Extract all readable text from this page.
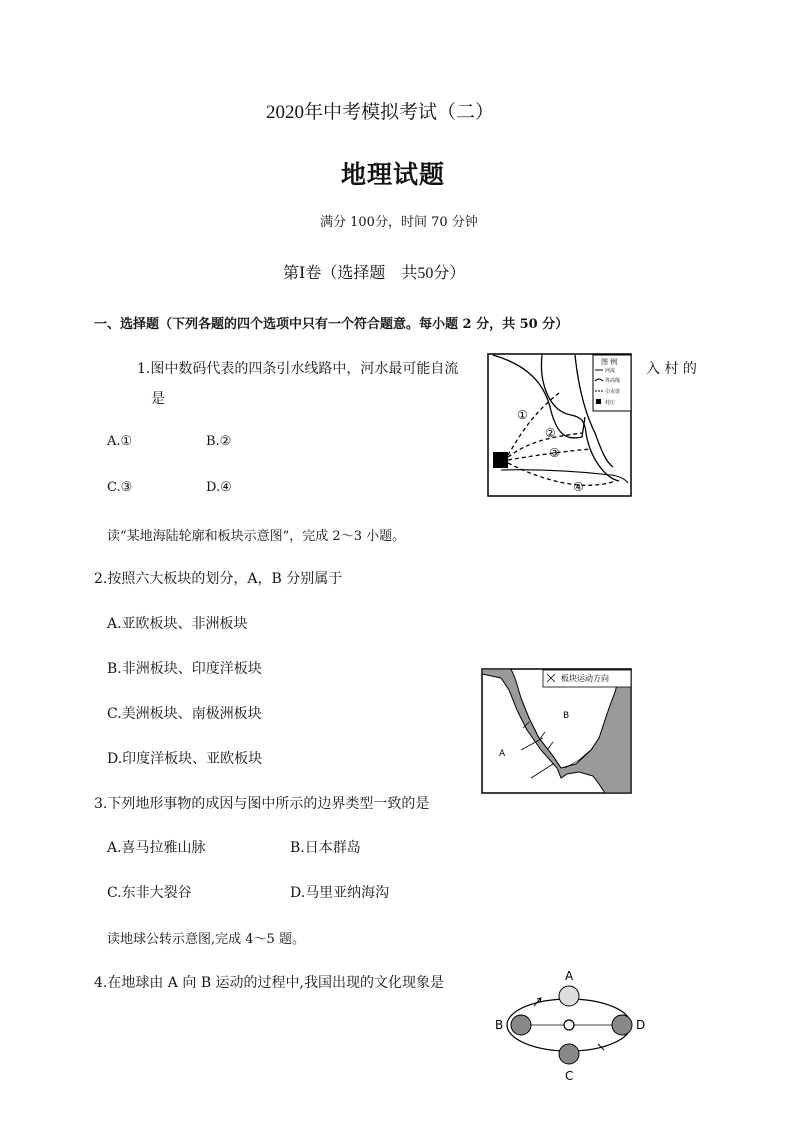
2020年中考模拟考试（二）
地理试题
满分 100分，时间 70 分钟
第Ⅰ卷（选择题　共50分）
一、选择题（下列各题的四个选项中只有一个符合题意。每小题 2 分，共 50 分）
1.图中数码代表的四条引水线路中，河水最可能自流	入 村 的
是
A.①	B.②
C.③	D.④
①
②
③
④
图 例
河流
等高线
引水渠
村庄
读“某地海陆轮廓和板块示意图”，完成 2～3 小题。
2.按照六大板块的划分，A，B 分别属于
A.亚欧板块、非洲板块
B.非洲板块、印度洋板块
C.美洲板块、南极洲板块
D.印度洋板块、亚欧板块	A
B
板块运动方向
3.下列地形事物的成因与图中所示的边界类型一致的是
A.喜马拉雅山脉	B.日本群岛
C.东非大裂谷	D.马里亚纳海沟
读地球公转示意图,完成 4～5 题。
4.在地球由 A 向 B 运动的过程中,我国出现的文化现象是	A
B
C
D
